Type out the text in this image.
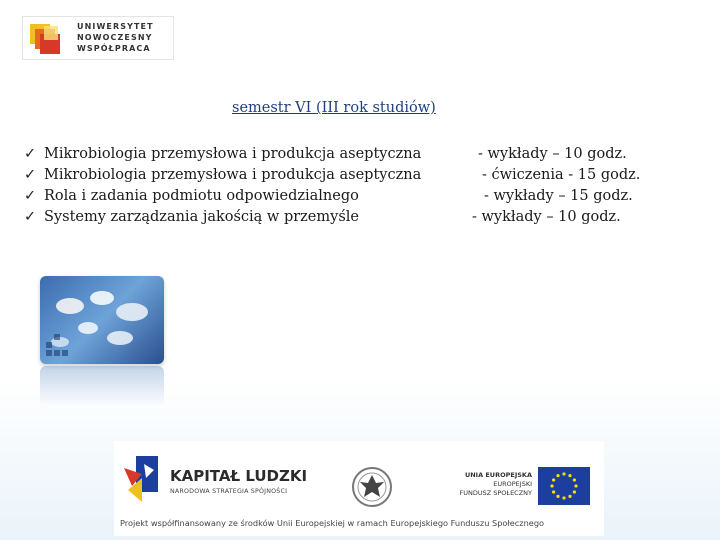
UNIWERSYTET
NOWOCZESNY
WSPÓŁPRACA
semestr VI (III rok studiów)
✓ Mikrobiologia przemysłowa i produkcja aseptyczna	- wykłady – 10 godz.
✓ Mikrobiologia przemysłowa i produkcja aseptyczna	- ćwiczenia - 15 godz.
✓ Rola i zadania podmiotu odpowiedzialnego	- wykłady – 15 godz.
✓ Systemy zarządzania jakością w przemyśle	- wykłady – 10 godz.
KAPITAŁ LUDZKI
NARODOWA STRATEGIA SPÓJNOŚCI
UNIA EUROPEJSKA
EUROPEJSKI
FUNDUSZ SPOŁECZNY
Projekt współfinansowany ze środków Unii Europejskiej w ramach Europejskiego Funduszu Społecznego
